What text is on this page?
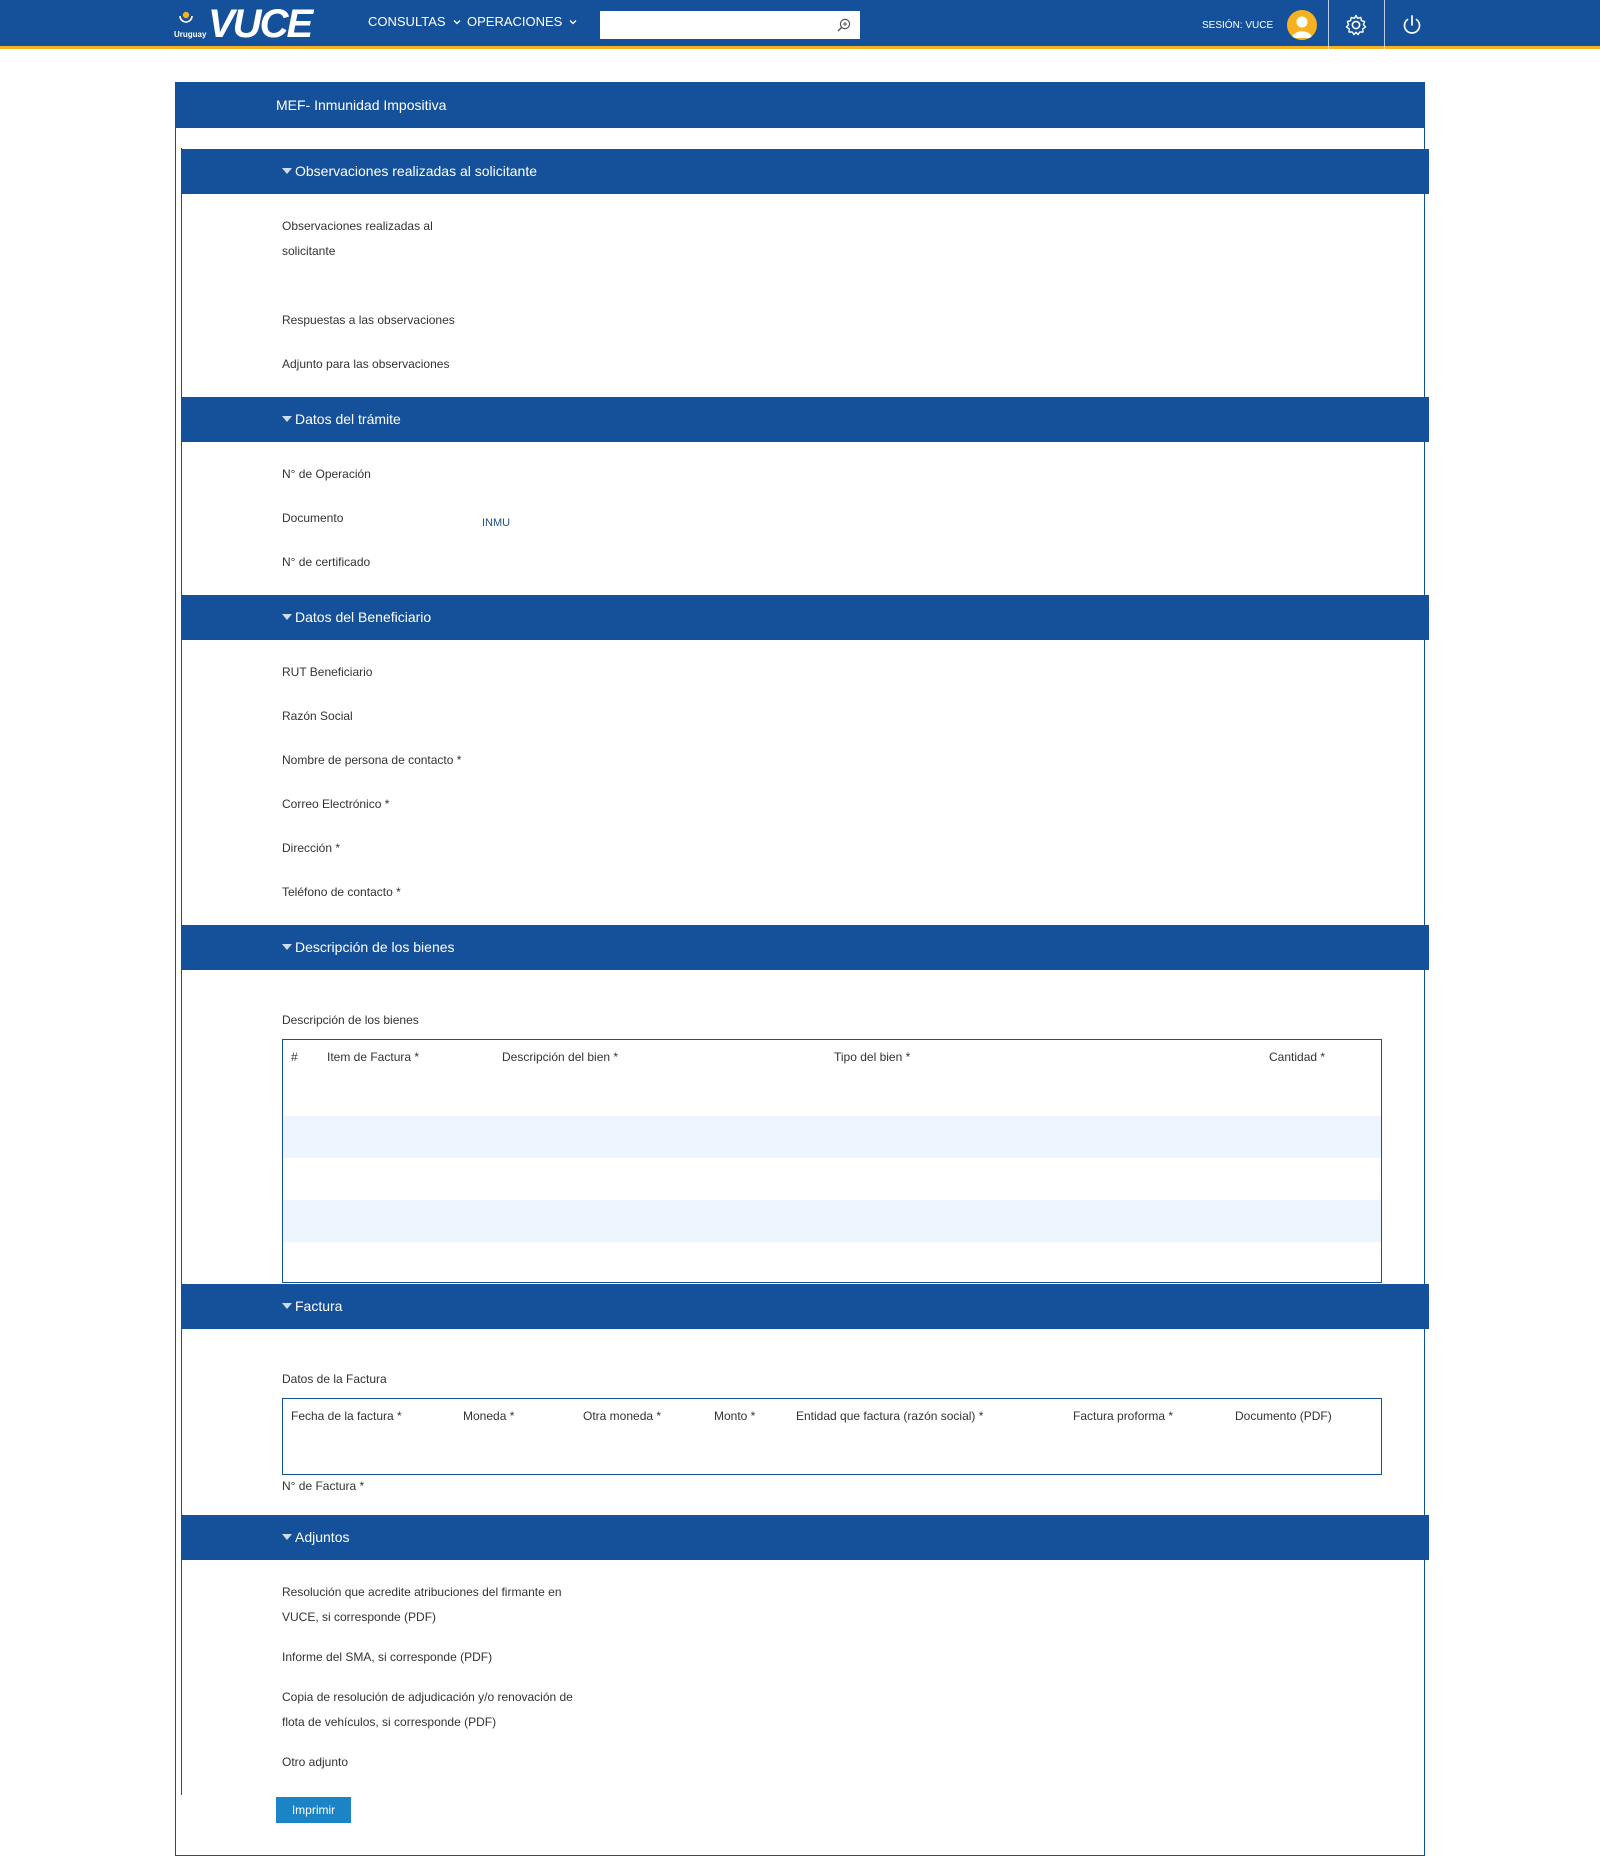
Uruguay VUCE	CONSULTAS OPERACIONES	SESIÓN: VUCE
MEF- Inmunidad Impositiva
Observaciones realizadas al solicitante
Observaciones realizadas al
solicitante
Respuestas a las observaciones
Adjunto para las observaciones
Datos del trámite
N° de Operación
Documento	INMU
N° de certificado
Datos del Beneficiario
RUT Beneficiario
Razón Social
Nombre de persona de contacto *
Correo Electrónico *
Dirección *
Teléfono de contacto *
Descripción de los bienes
Descripción de los bienes
# Item de Factura *	Descripción del bien *	Tipo del bien *	Cantidad *
Factura
Datos de la Factura
Fecha de la factura *	Moneda *	Otra moneda *	Monto *	Entidad que factura (razón social) *	Factura proforma *	Documento (PDF)
N° de Factura *
Adjuntos
Resolución que acredite atribuciones del firmante en
VUCE, si corresponde (PDF)
Informe del SMA, si corresponde (PDF)
Copia de resolución de adjudicación y/o renovación de
flota de vehículos, si corresponde (PDF)
Otro adjunto
Imprimir
